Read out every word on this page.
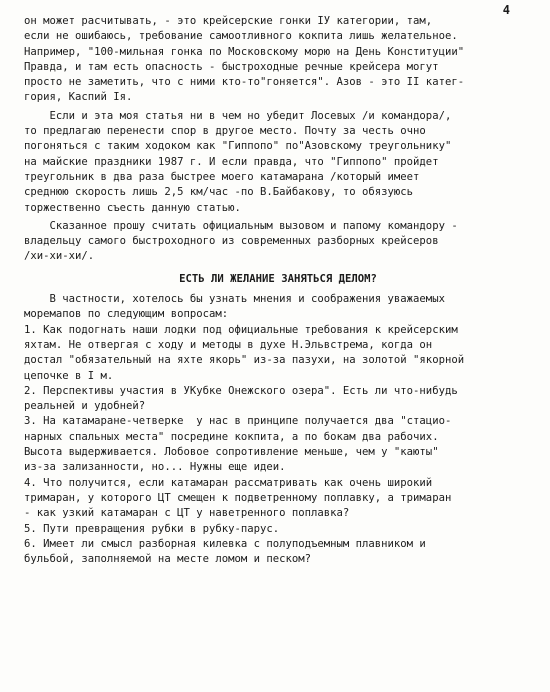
4
он может расчитывать, - это крейсерские гонки IУ категории, там,
если не ошибаюсь, требование самоотливного кокпита лишь желательное.
Например, "100-мильная гонка по Московскому морю на День Конституции"
Правда, и там есть опасность - быстроходные речные крейсера могут
просто не заметить, что с ними кто-то"гоняется". Азов - это II катег-
гория, Каспий Iя.
Если и эта моя статья ни в чем но убедит Лосевых /и командора/,
то предлагаю перенести спор в другое место. Почту за честь очно
погоняться с таким ходоком как "Гиппопо" по"Азовскому треугольнику"
на майские праздники 1987 г. И если правда, что "Гиппопо" пройдет
треугольник в два раза быстрее моего катамарана /который имеет
среднюю скорость лишь 2,5 км/час -по В.Байбакову, то обязуюсь
торжественно съесть данную статью.
Сказанное прошу считать официальным вызовом и папому командору -
владельцу самого быстроходного из современных разборных крейсеров
/хи-хи-хи/.
ЕСТЬ ЛИ ЖЕЛАНИЕ ЗАНЯТЬСЯ ДЕЛОМ?
В частности, хотелось бы узнать мнения и соображения уважаемых
моремапов по следующим вопросам:
1. Как подогнать наши лодки под официальные требования к крейсерским
яхтам. Не отвергая с ходу и методы в духе Н.Эльвстрема, когда он
достал "обязательный на яхте якорь" из-за пазухи, на золотой "якорной
цепочке в I м.
2. Перспективы участия в УКубке Онежского озера". Есть ли что-нибудь
реальней и удобней?
3. На катамаране-четверке  у нас в принципе получается два "стацио-
нарных спальных места" посредине кокпита, а по бокам два рабочих.
Высота выдерживается. Лобовое сопротивление меньше, чем у "каюты"
из-за зализанности, но... Нужны еще идеи.
4. Что получится, если катамаран рассматривать как очень широкий
тримаран, у которого ЦТ смещен к подветренному поплавку, а тримаран
- как узкий катамаран с ЦТ у наветренного поплавка?
5. Пути превращения рубки в рубку-парус.
6. Имеет ли смысл разборная килевка с полуподъемным плавником и
бульбой, заполняемой на месте ломом и песком?
